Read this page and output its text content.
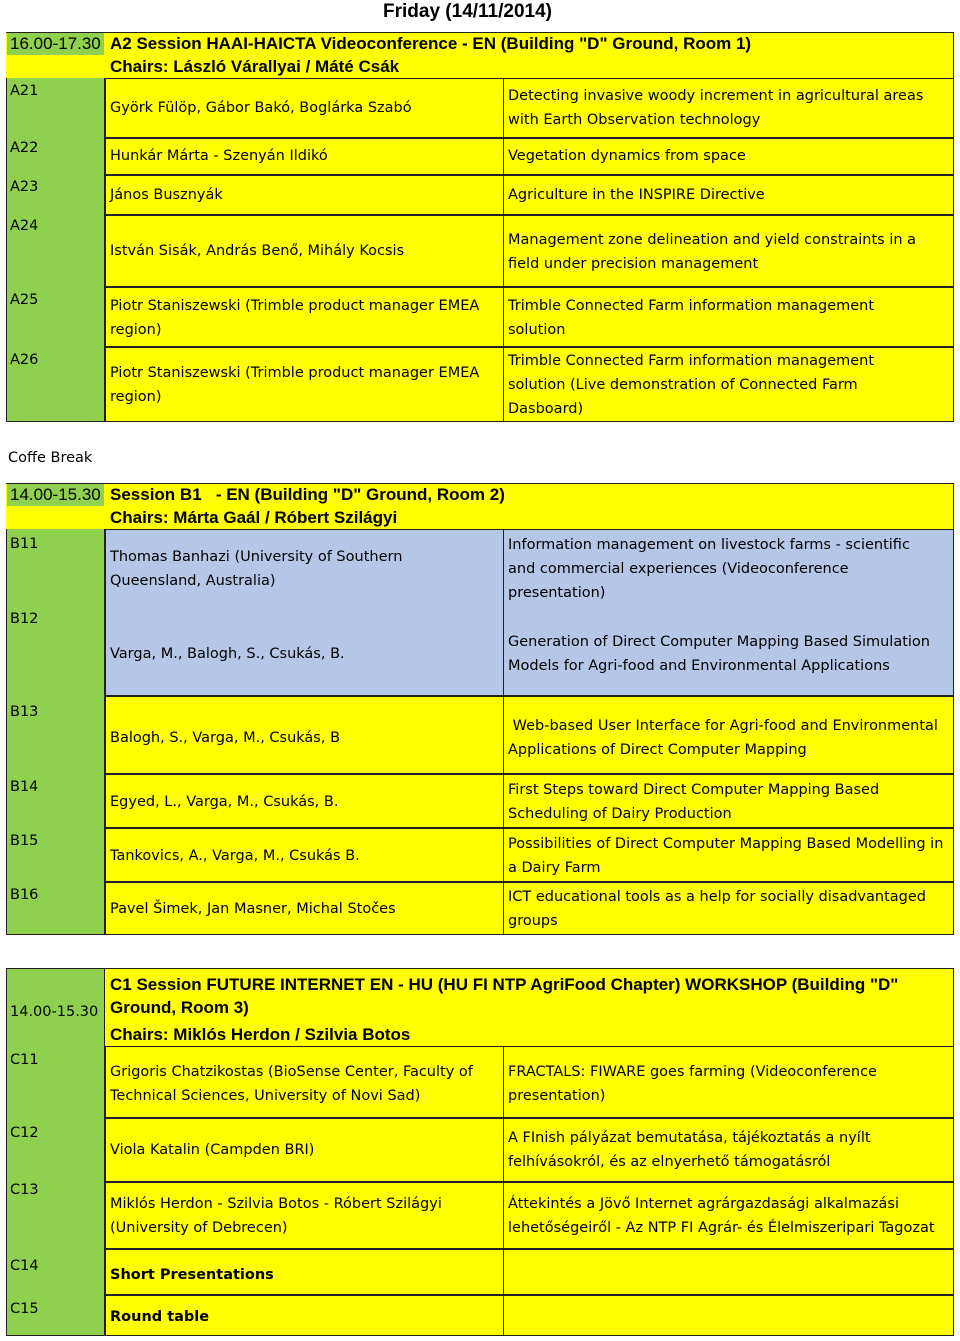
Friday (14/11/2014)
16.00-17.30 A2 Session HAAI-HAICTA Videoconference - EN (Building "D" Ground, Room 1)
Chairs: László Várallyai / Máté Csák
A21
A22
A23
A24
A25
A26
Györk Fülöp, Gábor Bakó, Boglárka Szabó
Detecting invasive woody increment in agricultural areas with Earth Observation technology
Hunkár Márta - Szenyán Ildikó	Vegetation dynamics from space
János Busznyák	Agriculture in the INSPIRE Directive
István Sisák, András Benő, Mihály Kocsis
Management zone delineation and yield constraints in a field under precision management
Piotr Staniszewski (Trimble product manager EMEA region)
Trimble Connected Farm information management solution
Piotr Staniszewski (Trimble product manager EMEA region)
Trimble Connected Farm information management solution (Live demonstration of Connected Farm Dasboard)
Coffe Break
14.00-15.30 Session B1   - EN (Building "D" Ground, Room 2)
Chairs: Márta Gaál / Róbert Szilágyi
B11
B12
B13
B14
B15
B16
Thomas Banhazi (University of Southern Queensland, Australia)
Information management on livestock farms - scientific and commercial experiences (Videoconference presentation)
Varga, M., Balogh, S., Csukás, B.
Generation of Direct Computer Mapping Based Simulation Models for Agri-food and Environmental Applications
Balogh, S., Varga, M., Csukás, B
Web-based User Interface for Agri-food and Environmental Applications of Direct Computer Mapping
Egyed, L., Varga, M., Csukás, B.
First Steps toward Direct Computer Mapping Based Scheduling of Dairy Production
Tankovics, A., Varga, M., Csukás B.
Possibilities of Direct Computer Mapping Based Modelling in a Dairy Farm
Pavel Šimek, Jan Masner, Michal Stočes
ICT educational tools as a help for socially disadvantaged groups
14.00-15.30
C1 Session FUTURE INTERNET EN - HU (HU FI NTP AgriFood Chapter) WORKSHOP (Building "D" Ground, Room 3)
Chairs: Miklós Herdon / Szilvia Botos
C11
C12
C13
C14
C15
Grigoris Chatzikostas (BioSense Center, Faculty of Technical Sciences, University of Novi Sad)
FRACTALS: FIWARE goes farming (Videoconference presentation)
Viola Katalin (Campden BRI)
A FInish pályázat bemutatása, tájékoztatás a nyílt felhívásokról, és az elnyerhető támogatásról
Miklós Herdon - Szilvia Botos - Róbert Szilágyi (University of Debrecen)
Áttekintés a Jövő Internet agrárgazdasági alkalmazási lehetőségeiről - Az NTP FI Agrár- és Élelmiszeripari Tagozat
Short Presentations
Round table
